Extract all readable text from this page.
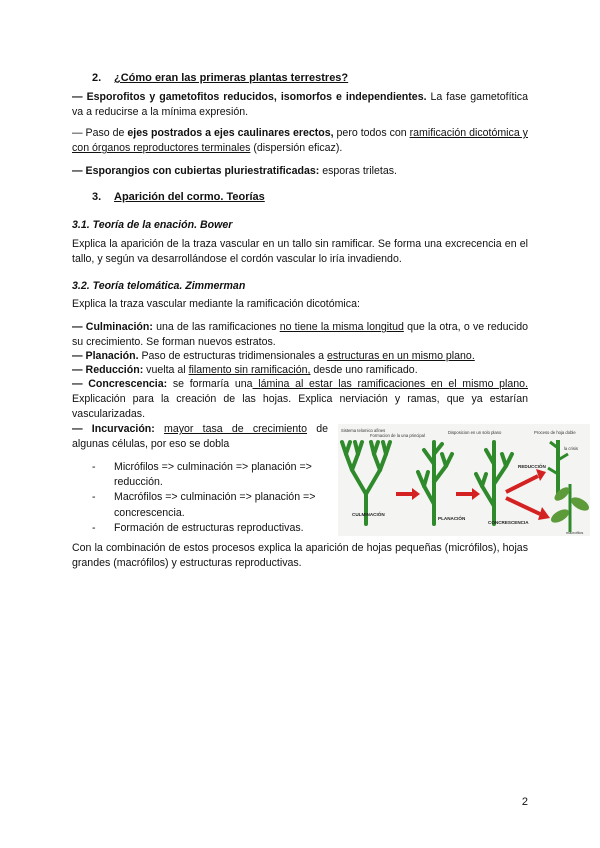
2. ¿Cómo eran las primeras plantas terrestres?

— Esporofitos y gametofitos reducidos, isomorfos e independientes. La fase gametofítica va a reducirse a la mínima expresión.

— Paso de ejes postrados a ejes caulinares erectos, pero todos con ramificación dicotómica y con órganos reproductores terminales (dispersión eficaz).

— Esporangios con cubiertas pluriestratificadas: esporas triletas.

3. Aparición del cormo. Teorías
3.1. Teoría de la enación. Bower

Explica la aparición de la traza vascular en un tallo sin ramificar. Se forma una excrecencia en el tallo, y según va desarrollándose el cordón vascular lo iría invadiendo.

3.2. Teoría telomática. Zimmerman

Explica la traza vascular mediante la ramificación dicotómica:

— Culminación: una de las ramificaciones no tiene la misma longitud que la otra, o ve reducido su crecimiento. Se forman nuevos estratos.

— Planación. Paso de estructuras tridimensionales a estructuras en un mismo plano.

— Reducción: vuelta al filamento sin ramificación, desde uno ramificado.

— Concrescencia: se formaría una lámina al estar las ramificaciones en el mismo plano. Explicación para la creación de las hojas. Explica nerviación y ramas, que ya estarían vascularizadas.

— Incurvación: mayor tasa de crecimiento de algunas células, por eso se dobla

- Micrófilos => culminación => planación => reducción.
- Macrófilos => culminación => planación => concrescencia.
- Formación de estructuras reproductivas.
Sistema telomico afines
Formacion de la una principal
Disposicion en un solo plano	Proceso de hoja doble
la crisis
CULMINACIÓN
PLANACIÓN
REDUCCIÓN
CONCRESCENCIA
macrofilos

Con la combinación de estos procesos explica la aparición de hojas pequeñas (micrófilos), hojas grandes (macrófilos) y estructuras reproductivas.

2
